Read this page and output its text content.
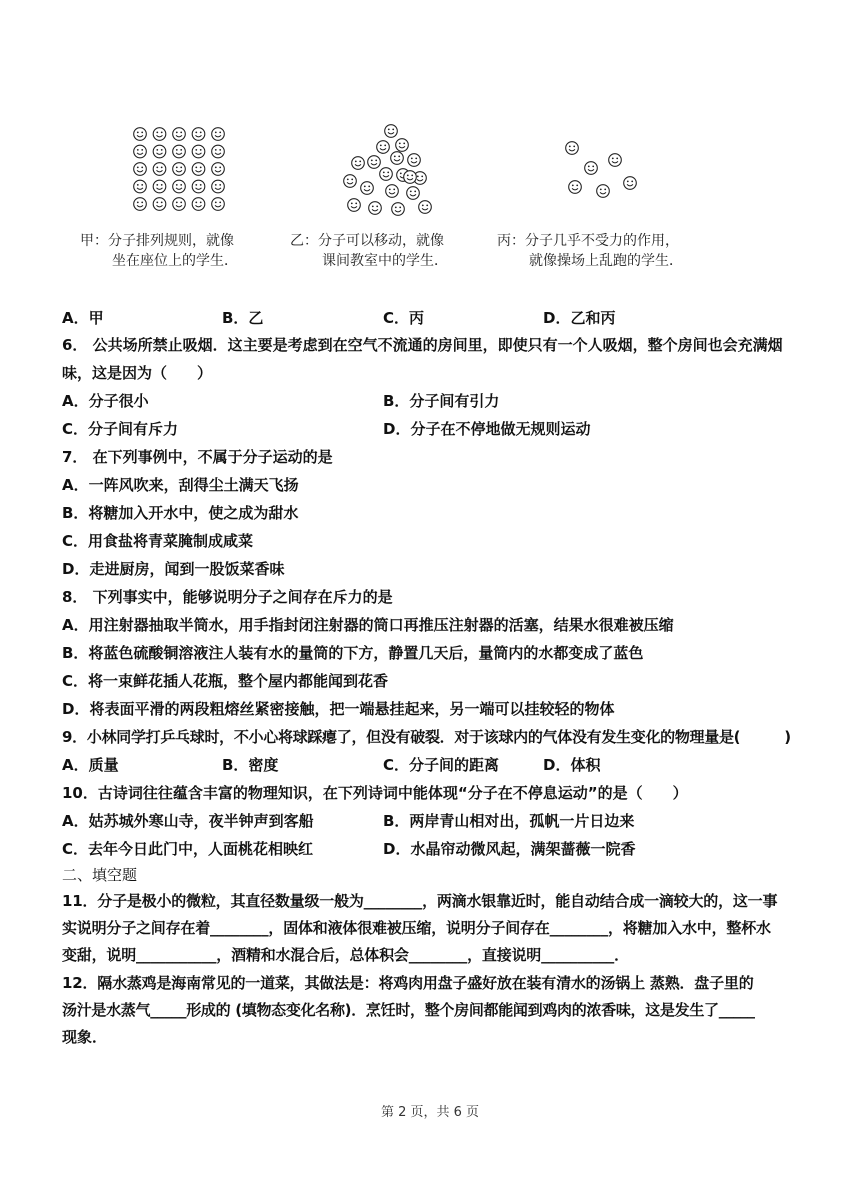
甲：分子排列规则，就像
坐在座位上的学生．
乙：分子可以移动，就像
课间教室中的学生．
丙：分子几乎不受力的作用，
就像操场上乱跑的学生．
A．甲	B．乙	C．丙	D．乙和丙
6． 公共场所禁止吸烟．这主要是考虑到在空气不流通的房间里，即使只有一个人吸烟，整个房间也会充满烟
味，这是因为（　　）
A．分子很小	B．分子间有引力
C．分子间有斥力	D．分子在不停地做无规则运动
7． 在下列事例中，不属于分子运动的是
A．一阵风吹来，刮得尘土满天飞扬
B．将糖加入开水中，使之成为甜水
C．用食盐将青菜腌制成咸菜
D．走进厨房，闻到一股饭菜香味
8． 下列事实中，能够说明分子之间存在斥力的是
A．用注射器抽取半筒水，用手指封闭注射器的筒口再推压注射器的活塞，结果水很难被压缩
B．将蓝色硫酸铜溶液注人装有水的量筒的下方，静置几天后，量筒内的水都变成了蓝色
C．将一束鲜花插人花瓶，整个屋内都能闻到花香
D．将表面平滑的两段粗熔丝紧密接触，把一端悬挂起来，另一端可以挂较轻的物体
9．小林同学打乒乓球时，不小心将球踩瘪了，但没有破裂．对于该球内的气体没有发生变化的物理量是(　　　)
A．质量	B．密度	C．分子间的距离	D．体积
10．古诗词往往蕴含丰富的物理知识，在下列诗词中能体现“分子在不停息运动”的是（　　）
A．姑苏城外寒山寺，夜半钟声到客船	B．两岸青山相对出，孤帆一片日边来
C．去年今日此门中，人面桃花相映红	D．水晶帘动微风起，满架蔷薇一院香
二、填空题
11．分子是极小的微粒，其直径数量级一般为________，两滴水银靠近时，能自动结合成一滴较大的，这一事
实说明分子之间存在着________，固体和液体很难被压缩，说明分子间存在________，将糖加入水中，整杯水
变甜，说明___________，酒精和水混合后，总体积会________，直接说明__________．
12．隔水蒸鸡是海南常见的一道菜，其做法是：将鸡肉用盘子盛好放在装有清水的汤锅上 蒸熟．盘子里的
汤汁是水蒸气_____形成的 (填物态变化名称)．烹饪时，整个房间都能闻到鸡肉的浓香味，这是发生了_____
现象．
第 2 页，共 6 页
